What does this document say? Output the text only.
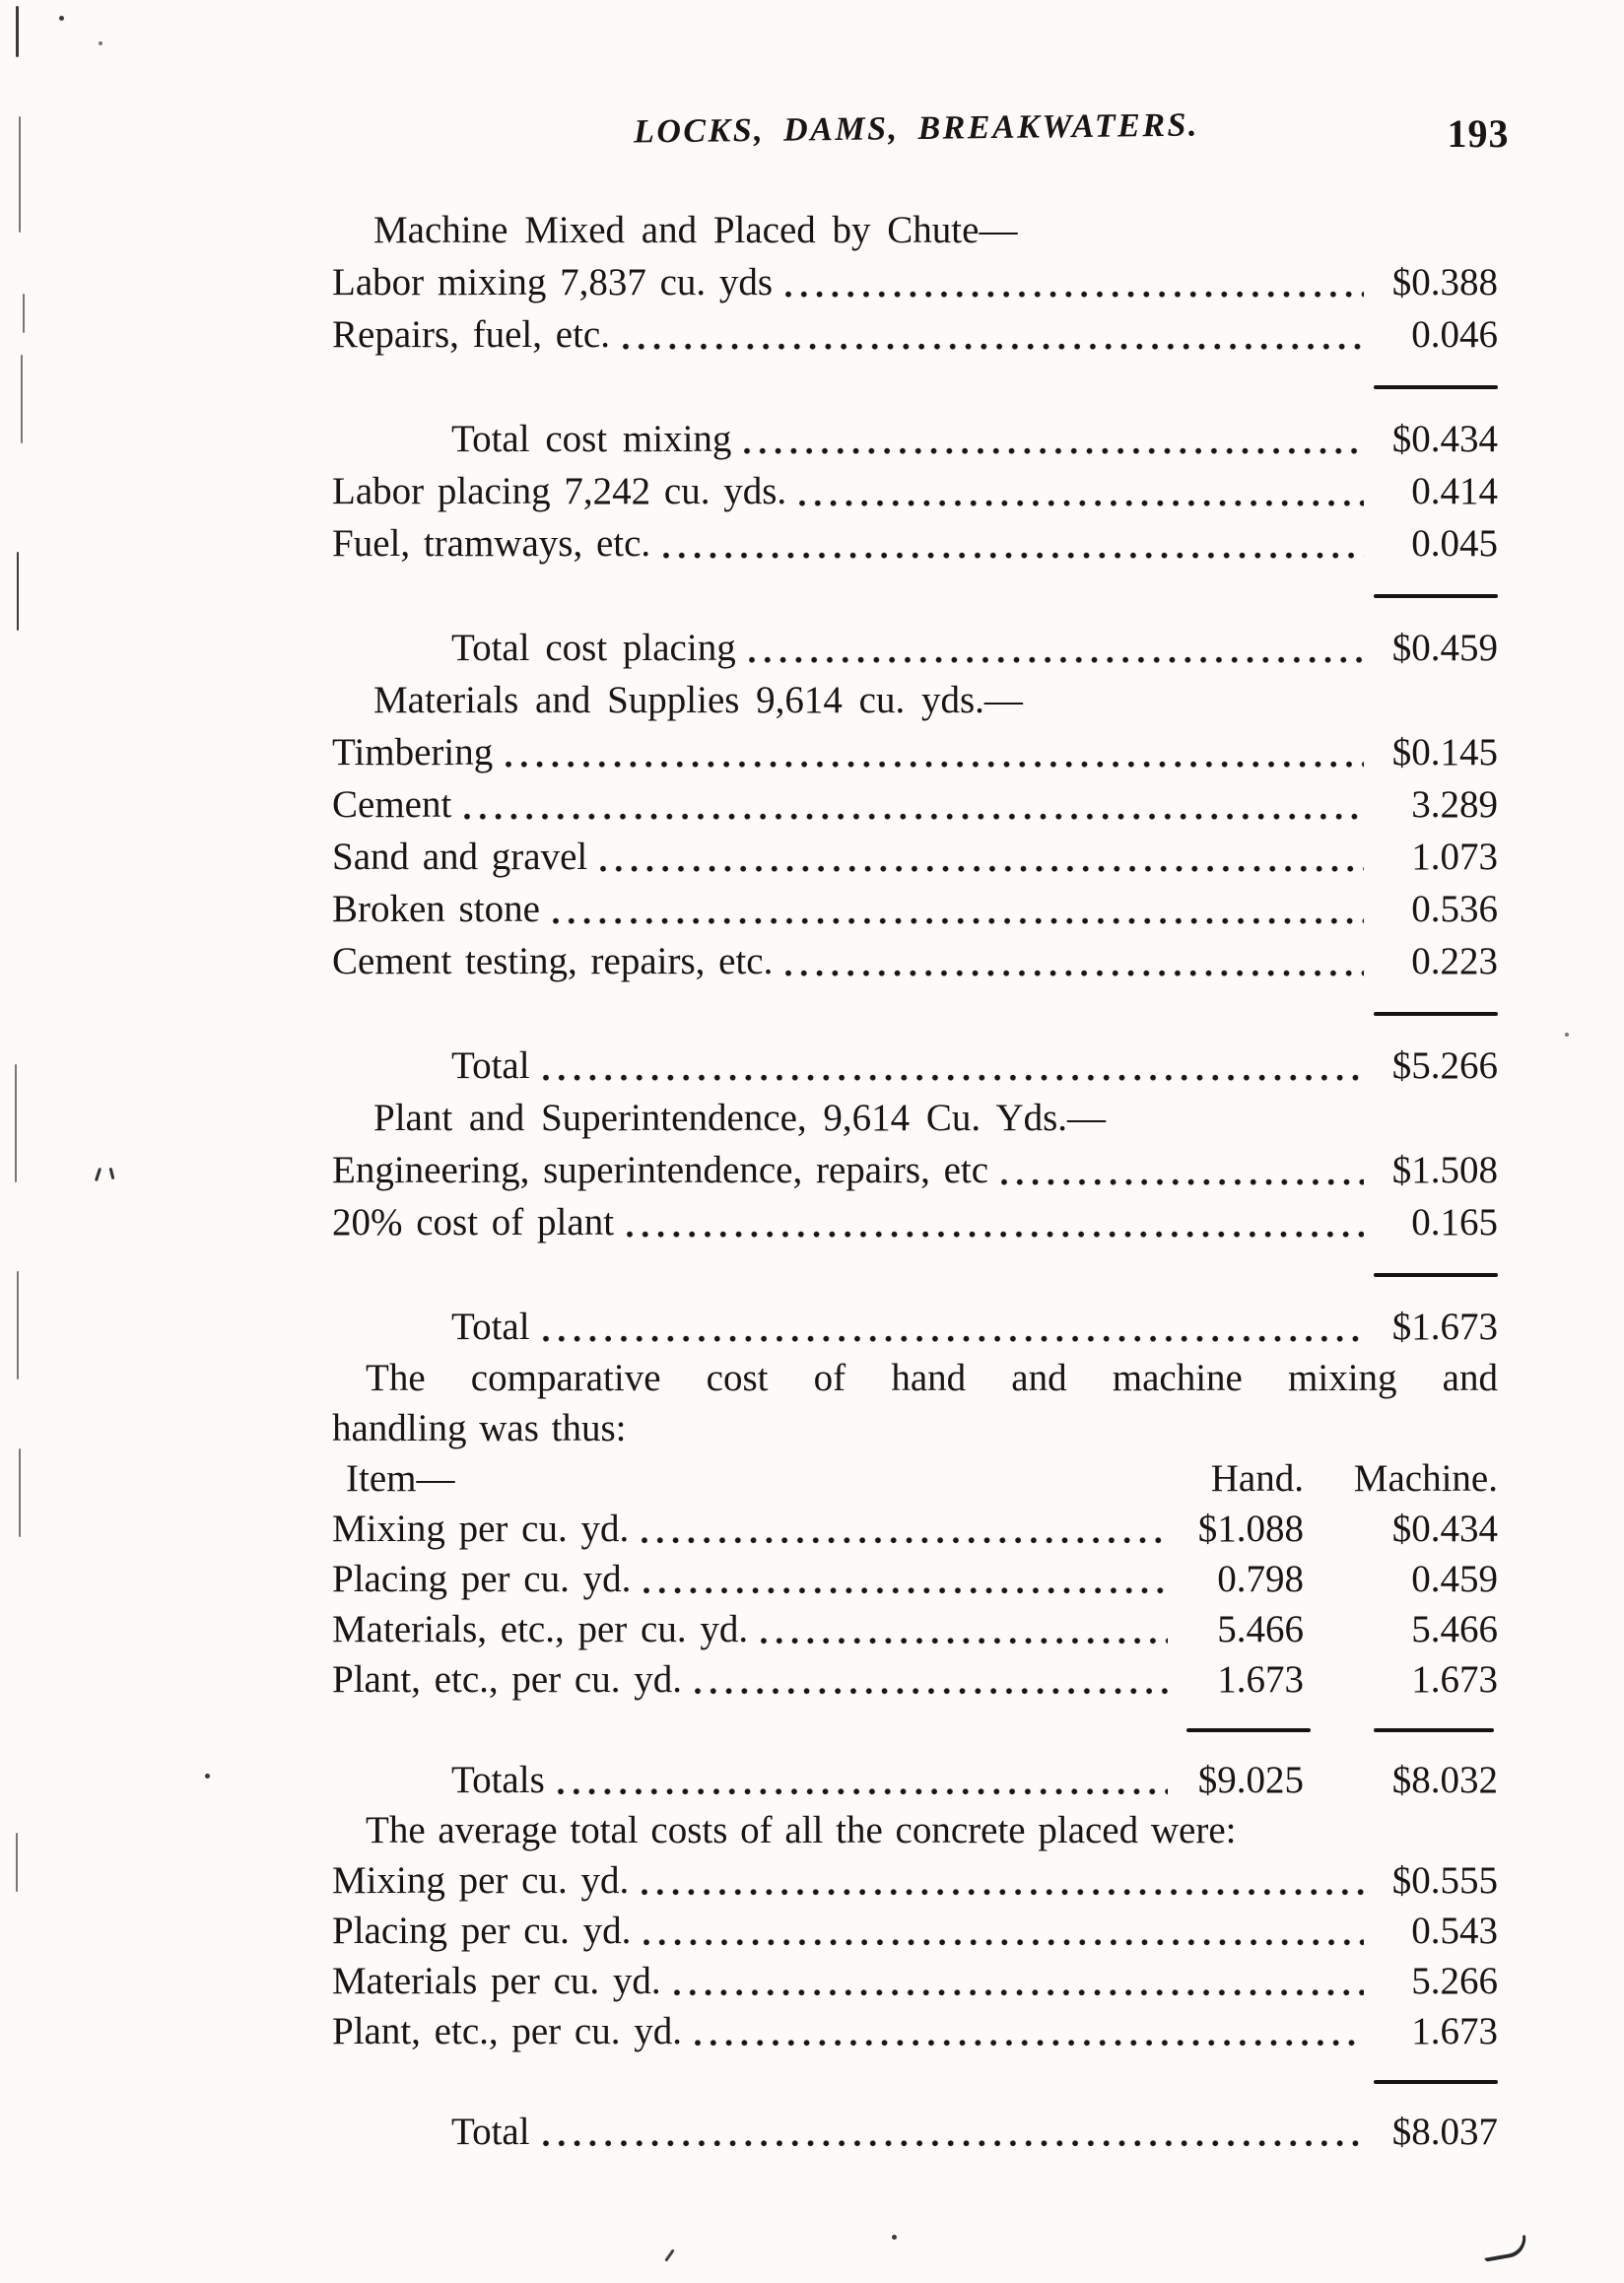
LOCKS, DAMS, BREAKWATERS.	193
Machine Mixed and Placed by Chute—
Labor mixing 7,837 cu. yds	$0.388
Repairs, fuel, etc.	0.046
Total cost mixing	$0.434
Labor placing 7,242 cu. yds.	0.414
Fuel, tramways, etc.	0.045
Total cost placing	$0.459
Materials and Supplies 9,614 cu. yds.—
Timbering	$0.145
Cement	3.289
Sand and gravel	1.073
Broken stone	0.536
Cement testing, repairs, etc.	0.223
Total	$5.266
Plant and Superintendence, 9,614 Cu. Yds.—
Engineering, superintendence, repairs, etc	$1.508
20% cost of plant	0.165
Total	$1.673
The comparative cost of hand and machine mixing and
handling was thus:
Item—	Hand.	Machine.
Mixing per cu. yd.	$1.088	$0.434
Placing per cu. yd.	0.798	0.459
Materials, etc., per cu. yd.	5.466	5.466
Plant, etc., per cu. yd.	1.673	1.673
Totals	$9.025	$8.032
The average total costs of all the concrete placed were:
Mixing per cu. yd.	$0.555
Placing per cu. yd.	0.543
Materials per cu. yd.	5.266
Plant, etc., per cu. yd.	1.673
Total	$8.037
